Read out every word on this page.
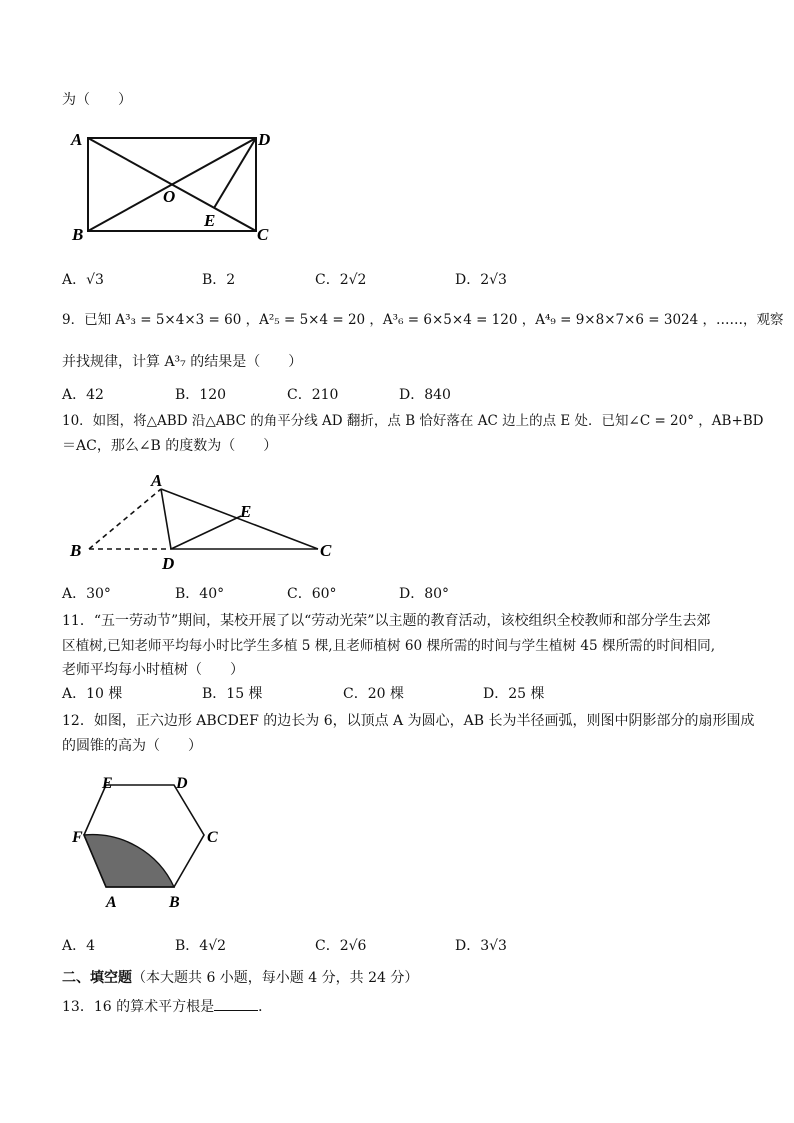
为（　　）
A	D
O
E
B	C
A．√3	B．2	C．2√2	D．2√3
9．已知 A³₃ = 5×4×3 = 60 ，A²₅ = 5×4 = 20 ，A³₆ = 6×5×4 = 120 ，A⁴₉ = 9×8×7×6 = 3024 ，……，观察
并找规律，计算 A³₇ 的结果是（　　）
A．42	B．120	C．210	D．840
10．如图，将△ABD 沿△ABC 的角平分线 AD 翻折，点 B 恰好落在 AC 边上的点 E 处．已知∠C = 20° ，AB+BD
＝AC，那么∠B 的度数为（　　）
A
E
B
D
C
A．30°	B．40°	C．60°	D．80°
11．“五一劳动节”期间，某校开展了以“劳动光荣”以主题的教育活动，该校组织全校教师和部分学生去郊
区植树,已知老师平均每小时比学生多植 5 棵,且老师植树 60 棵所需的时间与学生植树 45 棵所需的时间相同,
老师平均每小时植树（　　）
A．10 棵	B．15 棵	C．20 棵	D．25 棵
12．如图，正六边形 ABCDEF 的边长为 6，以顶点 A 为圆心，AB 长为半径画弧，则图中阴影部分的扇形围成
的圆锥的高为（　　）
E	D
F	C
A	B
A．4	B．4√2	C．2√6	D．3√3
二、填空题（本大题共 6 小题，每小题 4 分，共 24 分）
13．16 的算术平方根是	．
